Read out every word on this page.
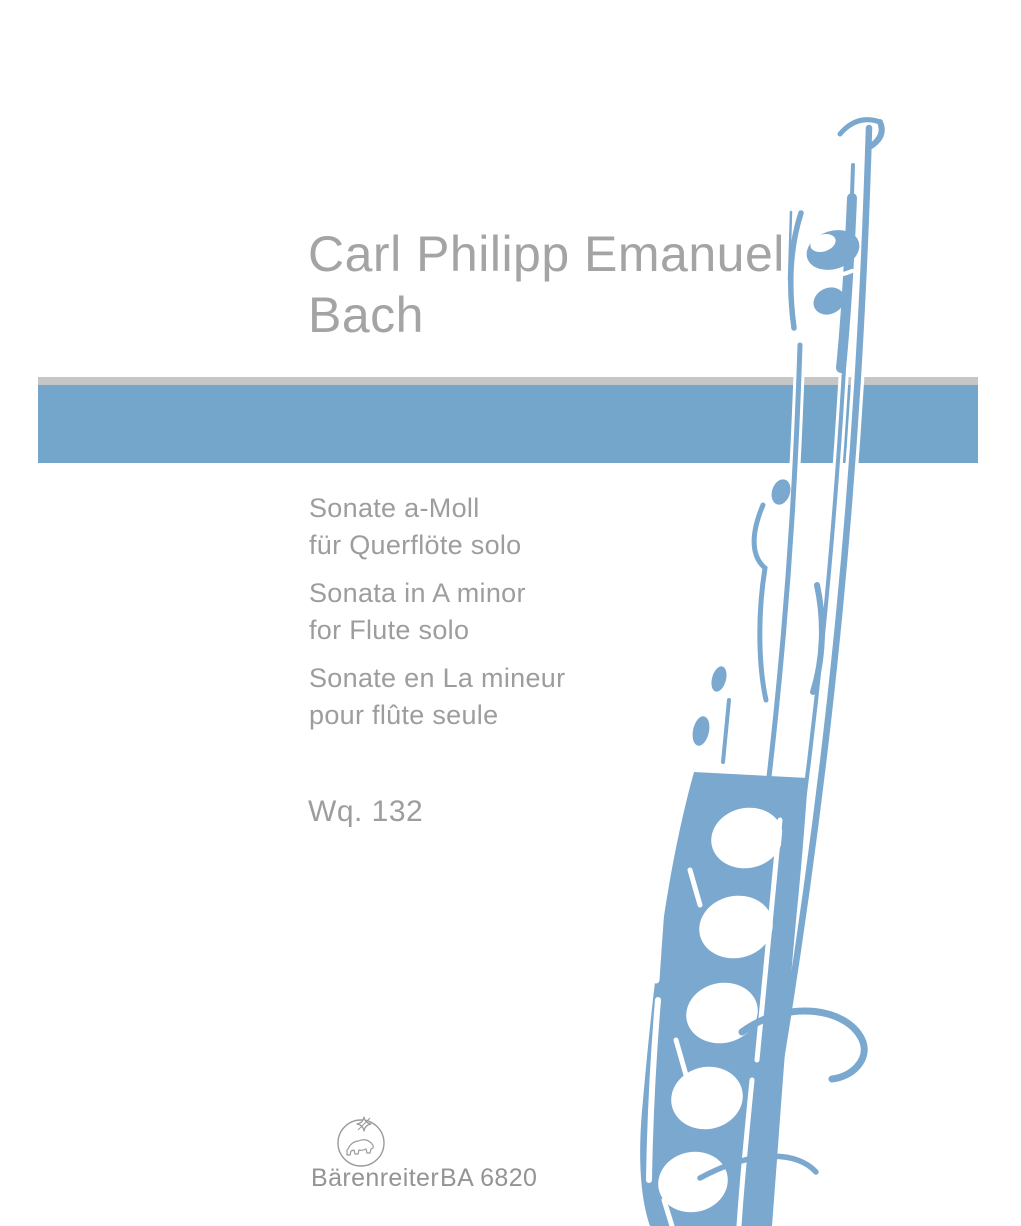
Carl Philipp Emanuel
Bach

Sonate a-Moll
für Querflöte solo

Sonata in A minor
for Flute solo

Sonate en La mineur
pour flûte seule

Wq. 132
Bärenreiter BA 6820
